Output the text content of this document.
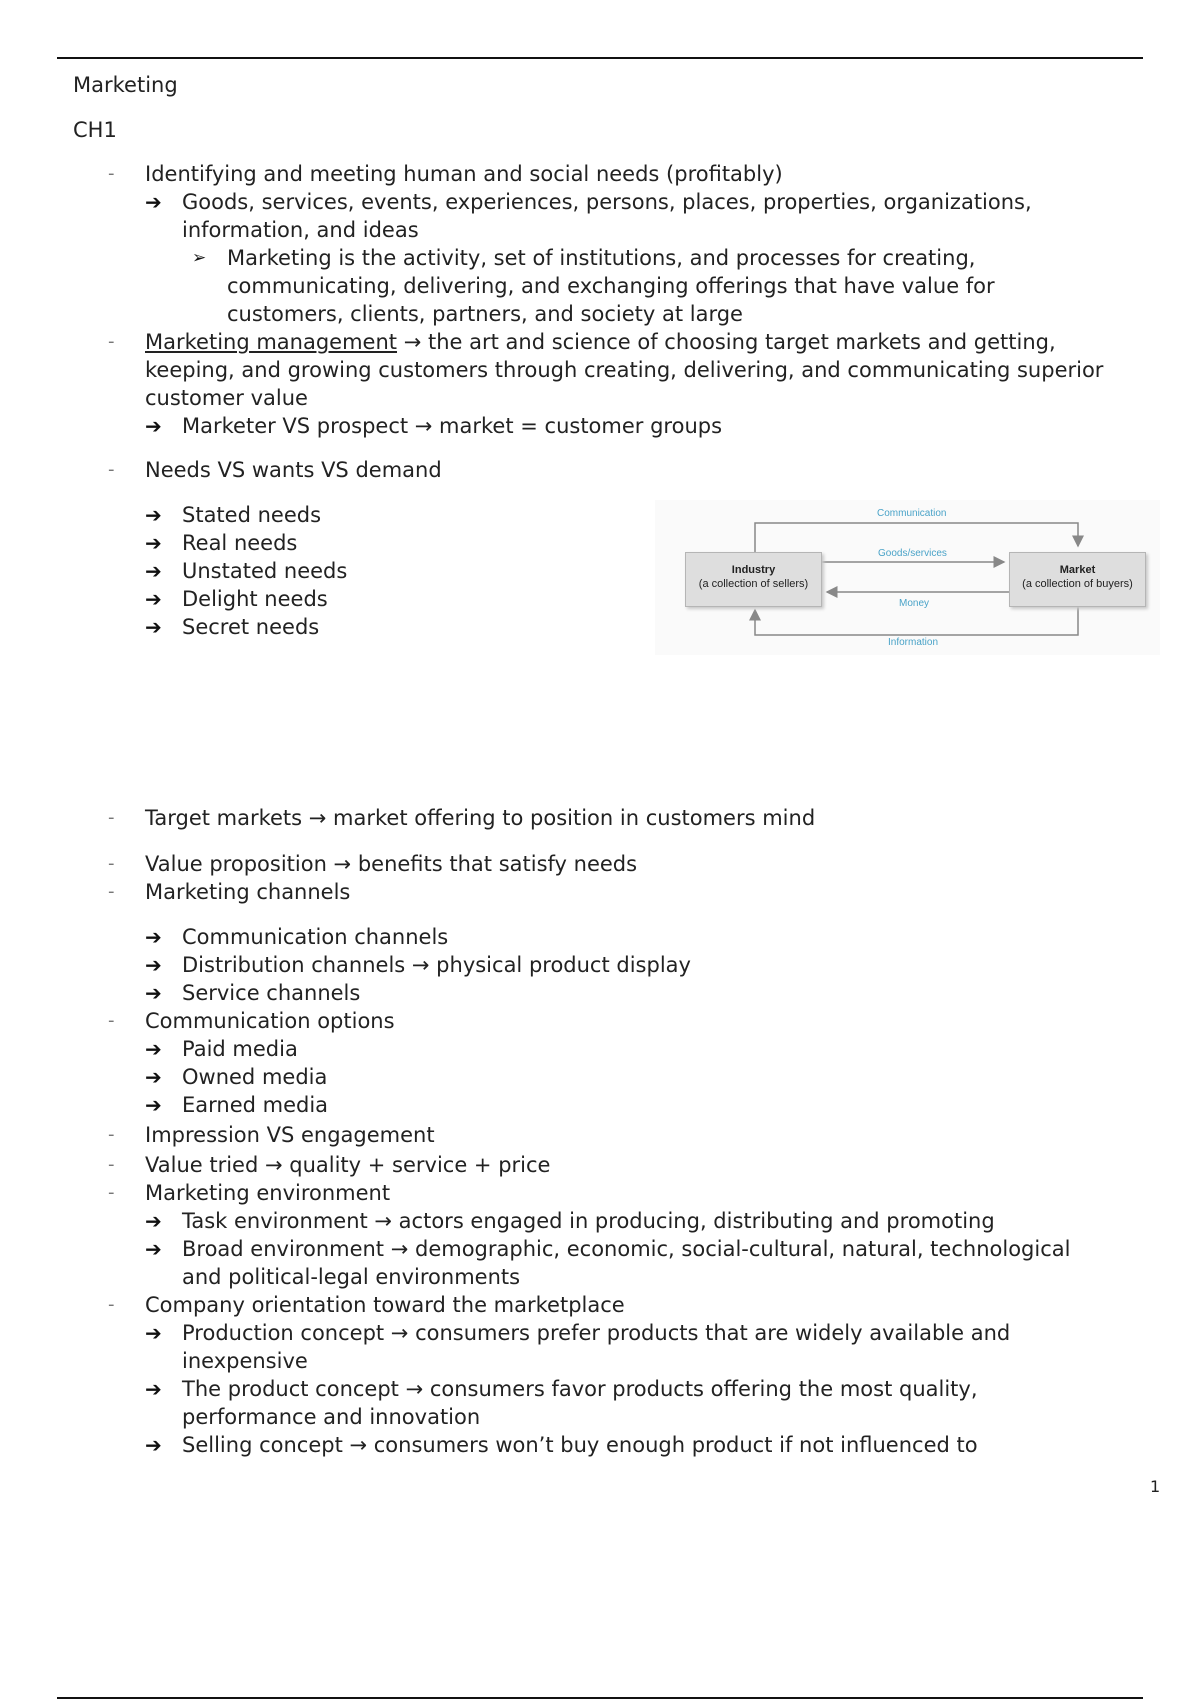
Marketing
CH1
- Identifying and meeting human and social needs (profitably)
➔ Goods, services, events, experiences, persons, places, properties, organizations,
information, and ideas
➢ Marketing is the activity, set of institutions, and processes for creating,
communicating, delivering, and exchanging offerings that have value for
customers, clients, partners, and society at large
- Marketing management → the art and science of choosing target markets and getting,
keeping, and growing customers through creating, delivering, and communicating superior
customer value
➔ Marketer VS prospect → market = customer groups
- Needs VS wants VS demand
➔ Stated needs
➔ Real needs
➔ Unstated needs
➔ Delight needs
➔ Secret needs
Industry
(a collection of sellers)
Market
(a collection of buyers)
Communication
Goods/services
Money
Information
- Target markets → market offering to position in customers mind
- Value proposition → benefits that satisfy needs
- Marketing channels
➔ Communication channels
➔ Distribution channels → physical product display
➔ Service channels
- Communication options
➔ Paid media
➔ Owned media
➔ Earned media
- Impression VS engagement
- Value tried → quality + service + price
- Marketing environment
➔ Task environment → actors engaged in producing, distributing and promoting
➔ Broad environment → demographic, economic, social-cultural, natural, technological
and political-legal environments
- Company orientation toward the marketplace
➔ Production concept → consumers prefer products that are widely available and
inexpensive
➔ The product concept → consumers favor products offering the most quality,
performance and innovation
➔ Selling concept → consumers won’t buy enough product if not influenced to
1
